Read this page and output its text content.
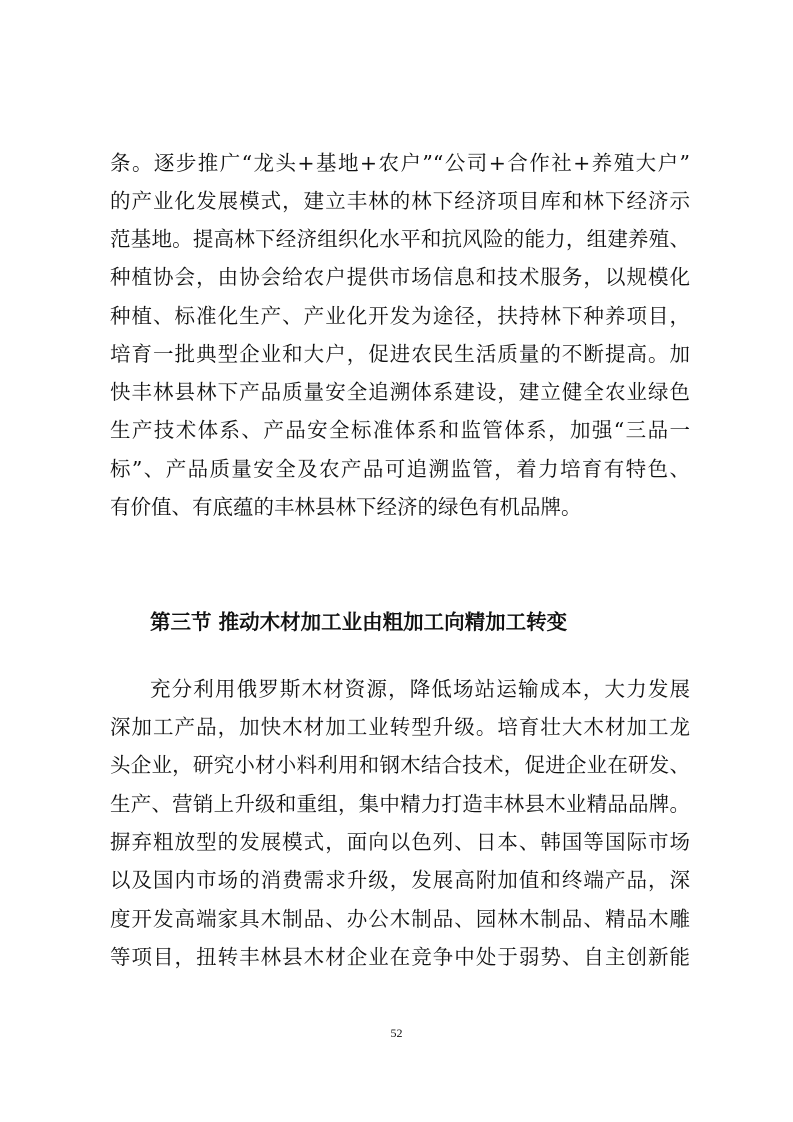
条。逐步推广“龙头+基地+农户”“公司+合作社+养殖大户”
的产业化发展模式，建立丰林的林下经济项目库和林下经济示
范基地。提高林下经济组织化水平和抗风险的能力，组建养殖、
种植协会，由协会给农户提供市场信息和技术服务，以规模化
种植、标准化生产、产业化开发为途径，扶持林下种养项目，
培育一批典型企业和大户，促进农民生活质量的不断提高。加
快丰林县林下产品质量安全追溯体系建设，建立健全农业绿色
生产技术体系、产品安全标准体系和监管体系，加强“三品一
标”、产品质量安全及农产品可追溯监管，着力培育有特色、
有价值、有底蕴的丰林县林下经济的绿色有机品牌。
第三节 推动木材加工业由粗加工向精加工转变
充分利用俄罗斯木材资源，降低场站运输成本，大力发展
深加工产品，加快木材加工业转型升级。培育壮大木材加工龙
头企业，研究小材小料利用和钢木结合技术，促进企业在研发、
生产、营销上升级和重组，集中精力打造丰林县木业精品品牌。
摒弃粗放型的发展模式，面向以色列、日本、韩国等国际市场
以及国内市场的消费需求升级，发展高附加值和终端产品，深
度开发高端家具木制品、办公木制品、园林木制品、精品木雕
等项目，扭转丰林县木材企业在竞争中处于弱势、自主创新能
52
